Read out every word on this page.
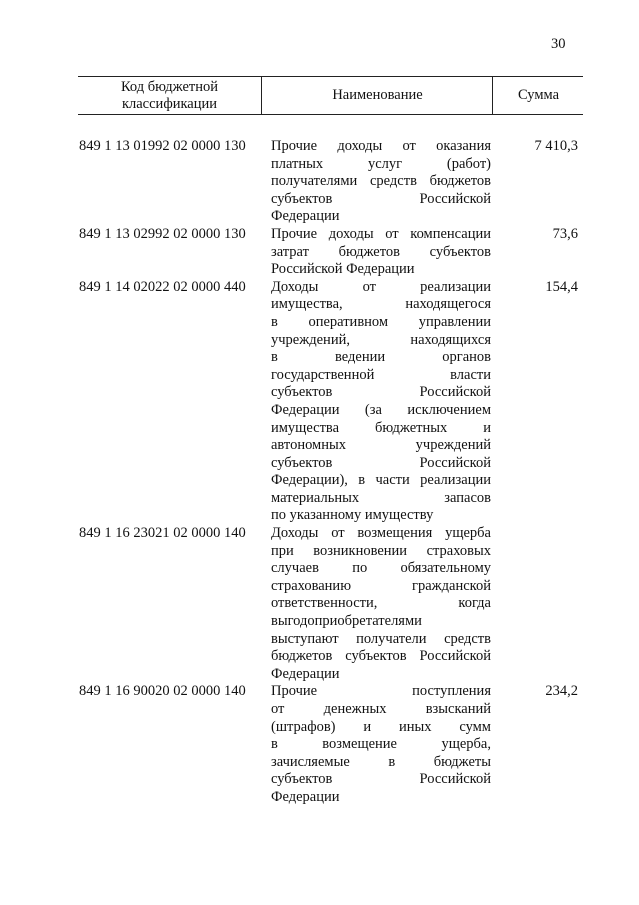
30
Код бюджетной классификации
Наименование	Сумма
849 1 13 01992 02 0000 130 Прочие доходы от оказания
платных услуг (работ)
получателями средств бюджетов
субъектов Российской
Федерации
7 410,3
849 1 13 02992 02 0000 130 Прочие доходы от компенсации
затрат бюджетов субъектов
Российской Федерации
73,6
849 1 14 02022 02 0000 440 Доходы от реализации
имущества, находящегося
в оперативном управлении
учреждений, находящихся
в ведении органов
государственной власти
субъектов Российской
Федерации (за исключением
имущества бюджетных и
автономных учреждений
субъектов Российской
Федерации), в части реализации
материальных запасов
по указанному имуществу
154,4
849 1 16 23021 02 0000 140 Доходы от возмещения ущерба
при возникновении страховых
случаев по обязательному
страхованию гражданской
ответственности, когда
выгодоприобретателями
выступают получатели средств
бюджетов субъектов Российской
Федерации
849 1 16 90020 02 0000 140 Прочие поступления
от денежных взысканий
(штрафов) и иных сумм
в возмещение ущерба,
зачисляемые в бюджеты
субъектов Российской
Федерации
234,2
